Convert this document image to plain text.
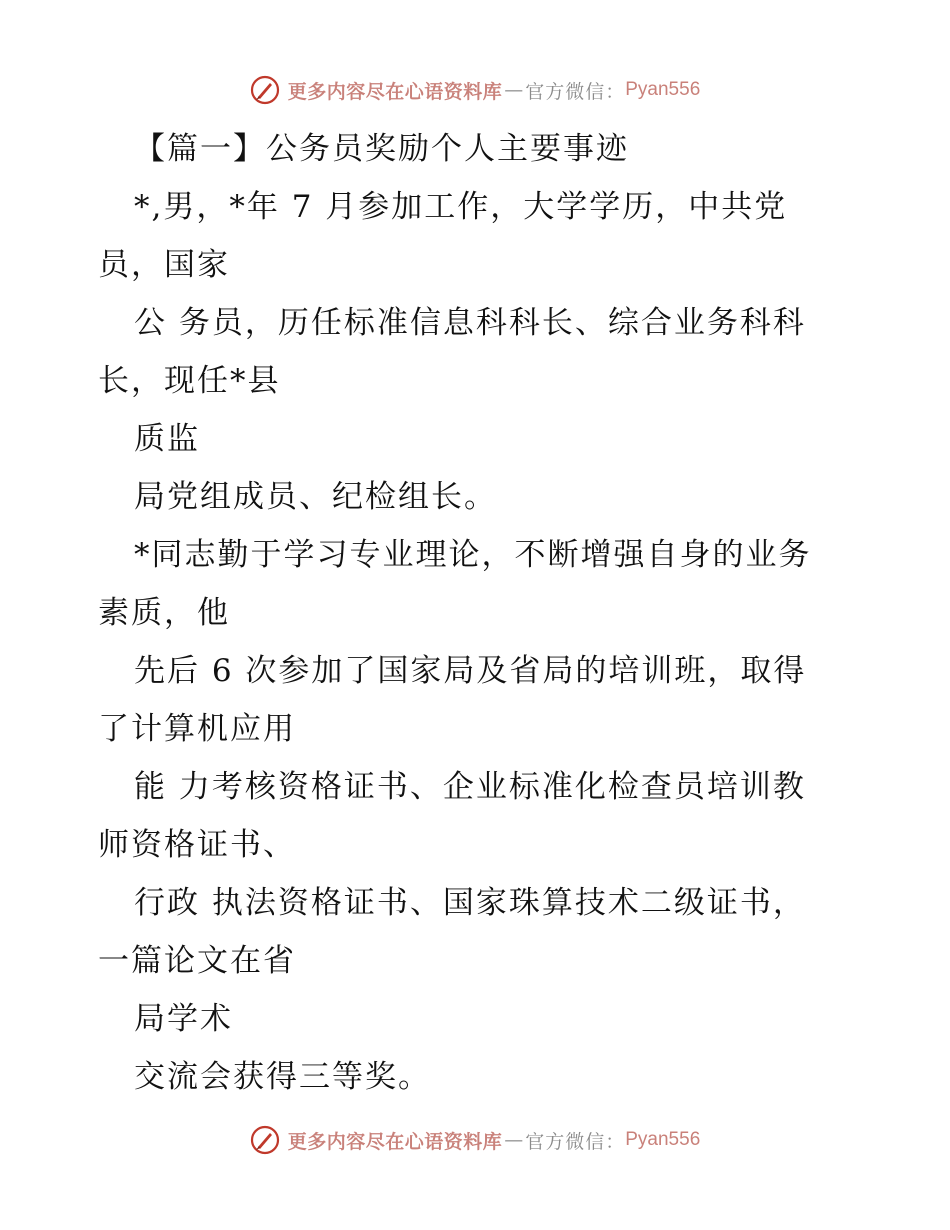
更多内容尽在心语资料库 — 官方微信： Pyan556
【篇一】公务员奖励个人主要事迹
*,男，*年 7 月参加工作，大学学历，中共党
员，国家
公 务员，历任标准信息科科长、综合业务科科
长，现任*县
质监
局党组成员、纪检组长。
*同志勤于学习专业理论，不断增强自身的业务
素质，他
先后 6 次参加了国家局及省局的培训班，取得
了计算机应用
能 力考核资格证书、企业标准化检查员培训教
师资格证书、
行政 执法资格证书、国家珠算技术二级证书，
一篇论文在省
局学术
交流会获得三等奖。
更多内容尽在心语资料库 — 官方微信： Pyan556
